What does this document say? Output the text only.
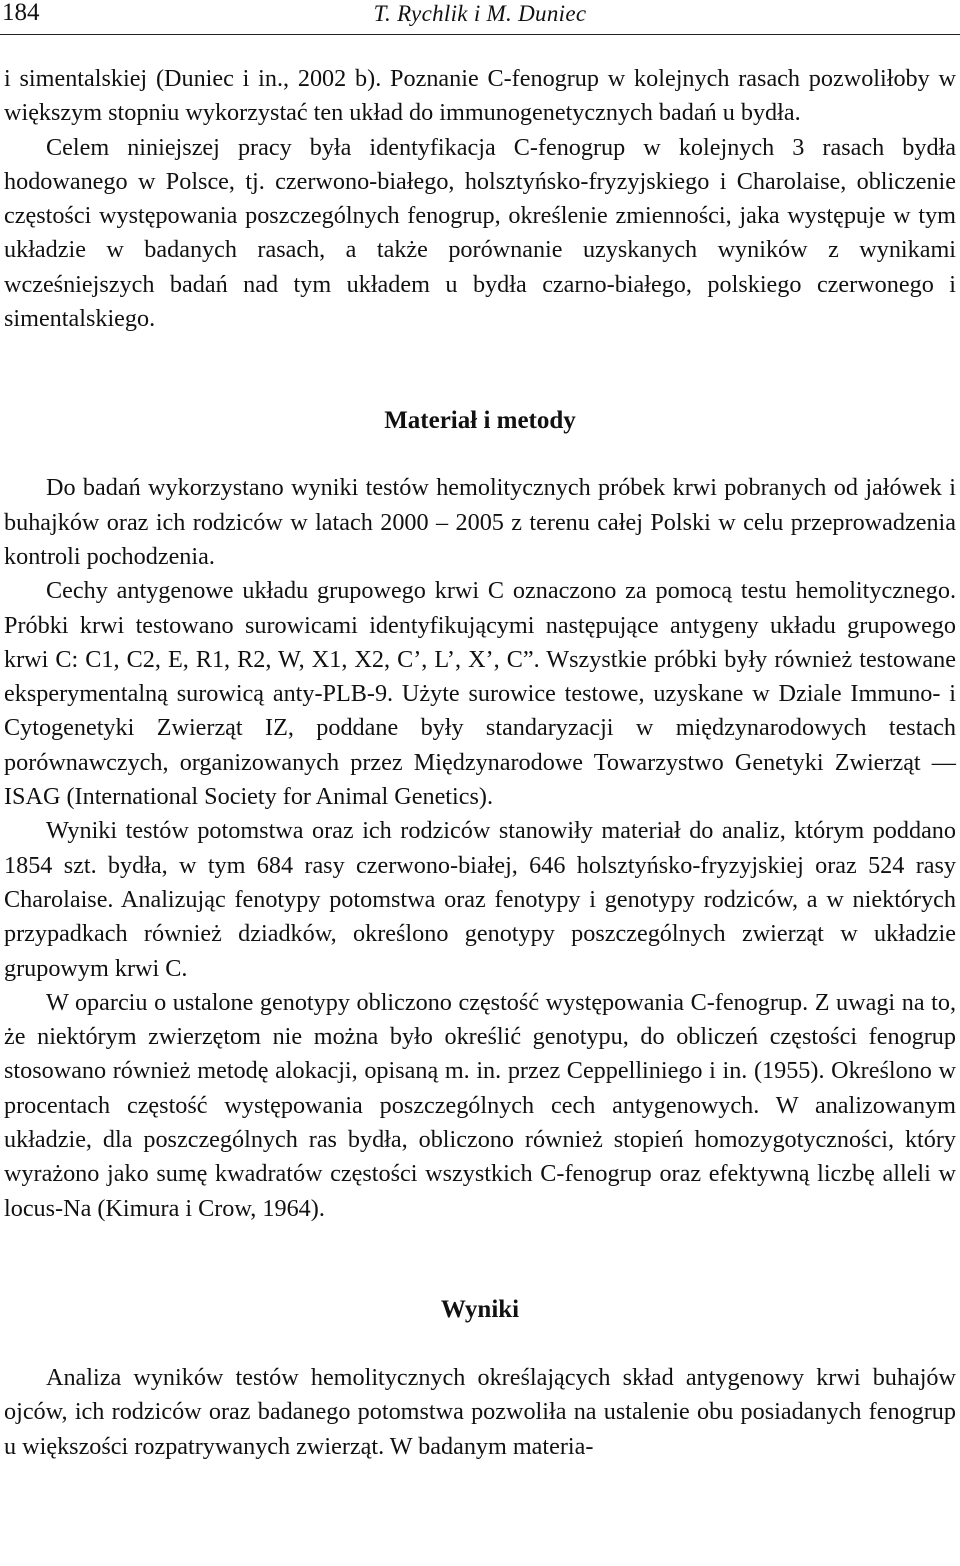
184	T. Rychlik i M. Duniec

i simentalskiej (Duniec i in., 2002 b). Poznanie C-fenogrup w kolejnych rasach pozwoliłoby w większym stopniu wykorzystać ten układ do immunogenetycznych badań u bydła.

Celem niniejszej pracy była identyfikacja C-fenogrup w kolejnych 3 rasach bydła hodowanego w Polsce, tj. czerwono-białego, holsztyńsko-fryzyjskiego i Charolaise, obliczenie częstości występowania poszczególnych fenogrup, określenie zmienności, jaka występuje w tym układzie w badanych rasach, a także porównanie uzyskanych wyników z wynikami wcześniejszych badań nad tym układem u bydła czarno-białego, polskiego czerwonego i simentalskiego.

Materiał i metody

Do badań wykorzystano wyniki testów hemolitycznych próbek krwi pobranych od jałówek i buhajków oraz ich rodziców w latach 2000 – 2005 z terenu całej Polski w celu przeprowadzenia kontroli pochodzenia.

Cechy antygenowe układu grupowego krwi C oznaczono za pomocą testu hemolitycznego. Próbki krwi testowano surowicami identyfikującymi następujące antygeny układu grupowego krwi C: C1, C2, E, R1, R2, W, X1, X2, C’, L’, X’, C”. Wszystkie próbki były również testowane eksperymentalną surowicą anty-PLB-9. Użyte surowice testowe, uzyskane w Dziale Immuno- i Cytogenetyki Zwierząt IZ, poddane były standaryzacji w międzynarodowych testach porównawczych, organizowanych przez Międzynarodowe Towarzystwo Genetyki Zwierząt — ISAG (International Society for Animal Genetics).

Wyniki testów potomstwa oraz ich rodziców stanowiły materiał do analiz, którym poddano 1854 szt. bydła, w tym 684 rasy czerwono-białej, 646 holsztyńsko-fryzyjskiej oraz 524 rasy Charolaise. Analizując fenotypy potomstwa oraz fenotypy i genotypy rodziców, a w niektórych przypadkach również dziadków, określono genotypy poszczególnych zwierząt w układzie grupowym krwi C.

W oparciu o ustalone genotypy obliczono częstość występowania C-fenogrup. Z uwagi na to, że niektórym zwierzętom nie można było określić genotypu, do obliczeń częstości fenogrup stosowano również metodę alokacji, opisaną m. in. przez Ceppelliniego i in. (1955). Określono w procentach częstość występowania poszczególnych cech antygenowych. W analizowanym układzie, dla poszczególnych ras bydła, obliczono również stopień homozygotyczności, który wyrażono jako sumę kwadratów częstości wszystkich C-fenogrup oraz efektywną liczbę alleli w locus-Na (Kimura i Crow, 1964).

Wyniki

Analiza wyników testów hemolitycznych określających skład antygenowy krwi buhajów ojców, ich rodziców oraz badanego potomstwa pozwoliła na ustalenie obu posiadanych fenogrup u większości rozpatrywanych zwierząt. W badanym materia-
